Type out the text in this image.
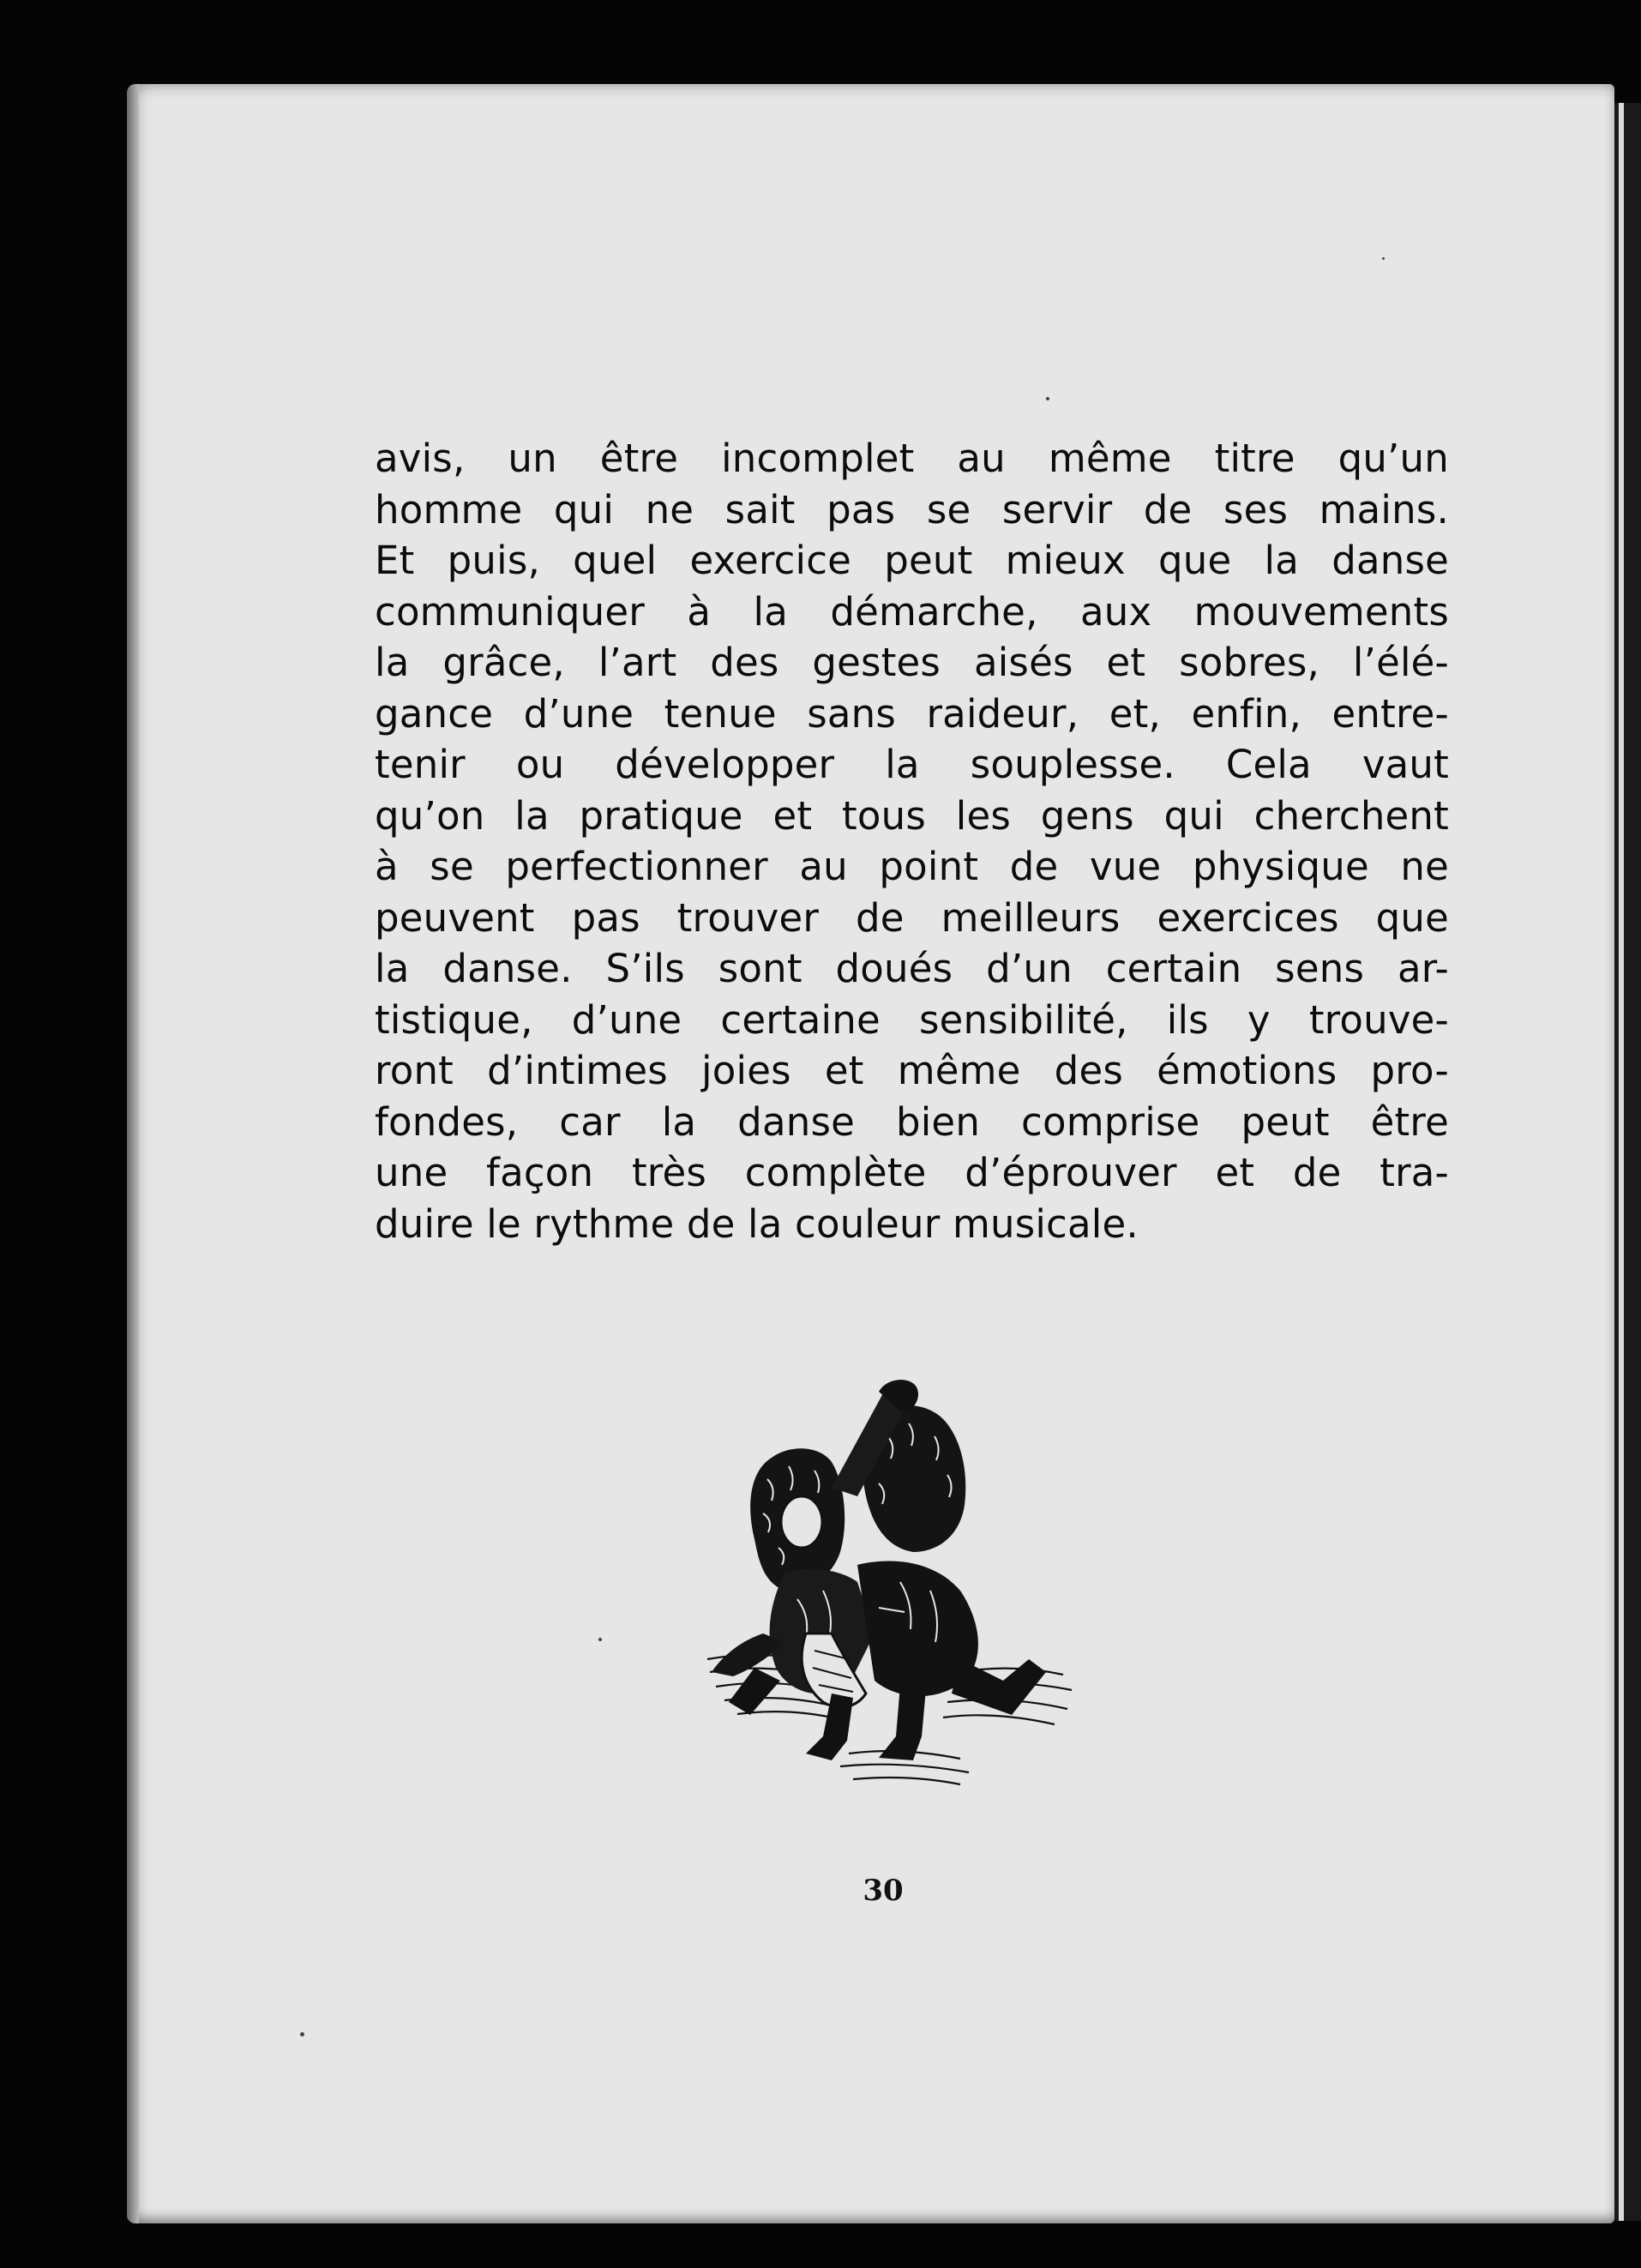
avis, un être incomplet au même titre qu’un
homme qui ne sait pas se servir de ses mains.
Et puis, quel exercice peut mieux que la danse
communiquer à la démarche, aux mouvements
la grâce, l’art des gestes aisés et sobres, l’élé-
gance d’une tenue sans raideur, et, enfin, entre-
tenir ou développer la souplesse. Cela vaut
qu’on la pratique et tous les gens qui cherchent
à se perfectionner au point de vue physique ne
peuvent pas trouver de meilleurs exercices que
la danse. S’ils sont doués d’un certain sens ar-
tistique, d’une certaine sensibilité, ils y trouve-
ront d’intimes joies et même des émotions pro-
fondes, car la danse bien comprise peut être
une façon très complète d’éprouver et de tra-
duire le rythme de la couleur musicale.

30
